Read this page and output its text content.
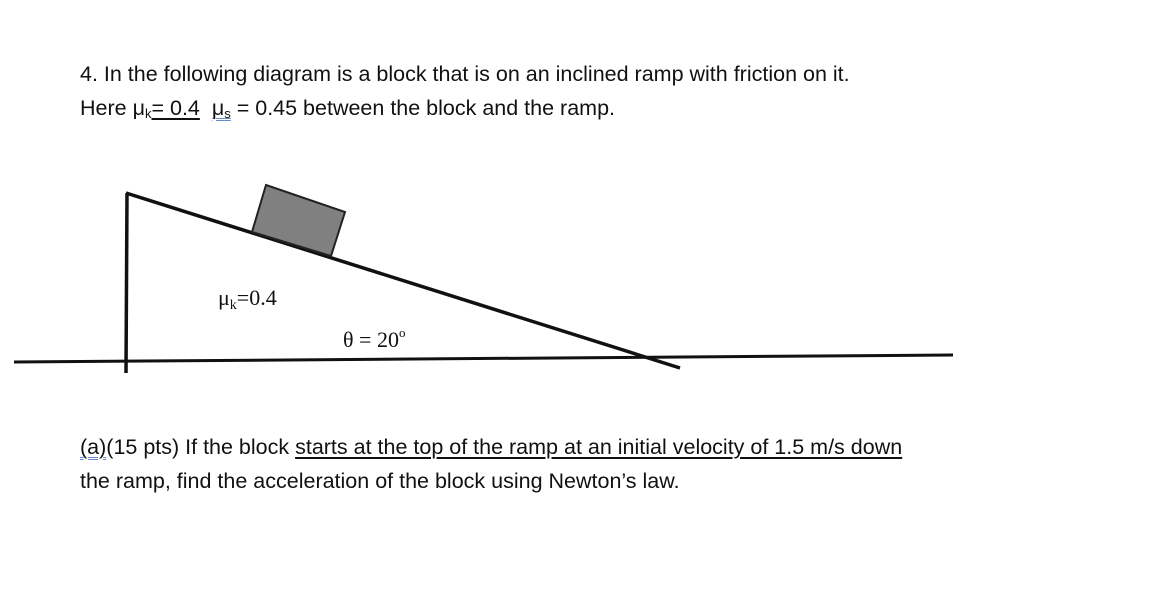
4. In the following diagram is a block that is on an inclined ramp with friction on it.
Here $\mu_k= 0.4$ $\mu_s = 0.45$ between the block and the ramp.

μk=0.4
$\theta = 20^o$

(a)(15 pts) If the block starts at the top of the ramp at an initial velocity of 1.5 m/s down
the ramp, find the acceleration of the block using Newton’s law.
